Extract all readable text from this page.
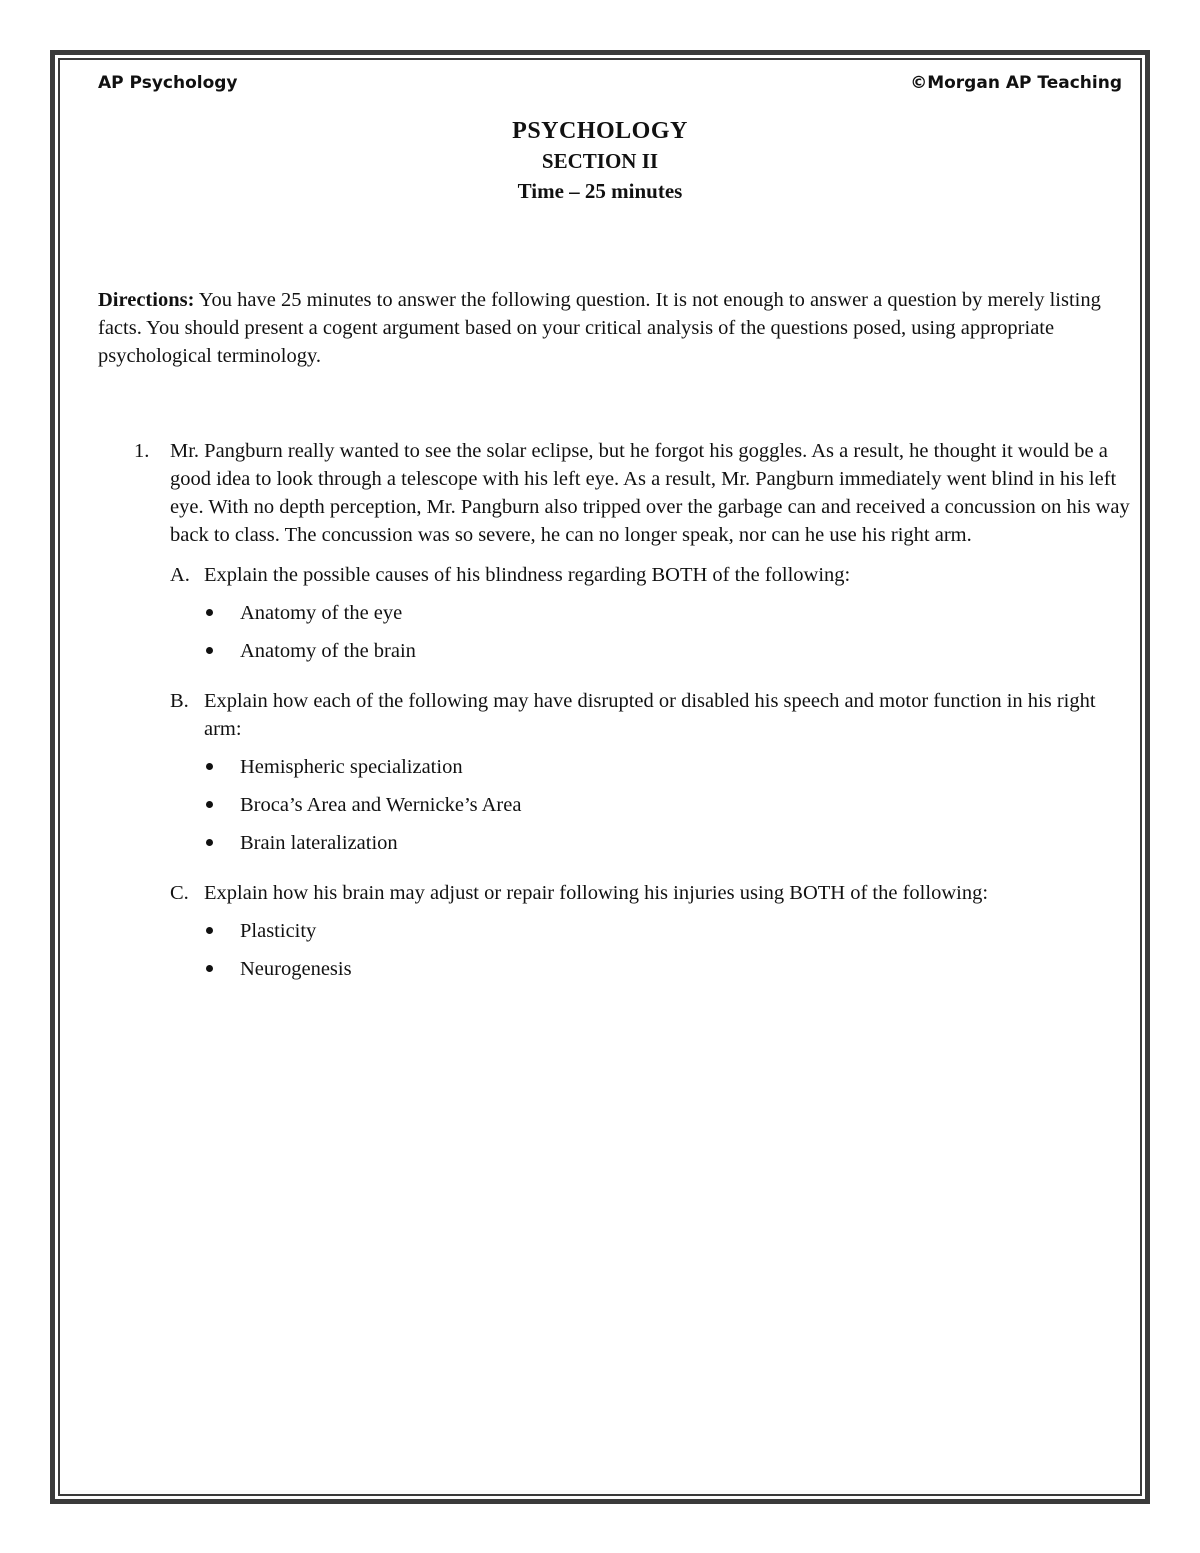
AP Psychology	©Morgan AP Teaching
PSYCHOLOGY
SECTION II
Time – 25 minutes
Directions: You have 25 minutes to answer the following question. It is not enough to answer a question by merely listing facts. You should present a cogent argument based on your critical analysis of the questions posed, using appropriate psychological terminology.
1.	Mr. Pangburn really wanted to see the solar eclipse, but he forgot his goggles. As a result, he thought it would be a good idea to look through a telescope with his left eye. As a result, Mr. Pangburn immediately went blind in his left eye. With no depth perception, Mr. Pangburn also tripped over the garbage can and received a concussion on his way back to class. The concussion was so severe, he can no longer speak, nor can he use his right arm.
A. Explain the possible causes of his blindness regarding BOTH of the following:
Anatomy of the eye
Anatomy of the brain
B. Explain how each of the following may have disrupted or disabled his speech and motor function in his right arm:
Hemispheric specialization
Broca’s Area and Wernicke’s Area
Brain lateralization
C. Explain how his brain may adjust or repair following his injuries using BOTH of the following:
Plasticity
Neurogenesis
